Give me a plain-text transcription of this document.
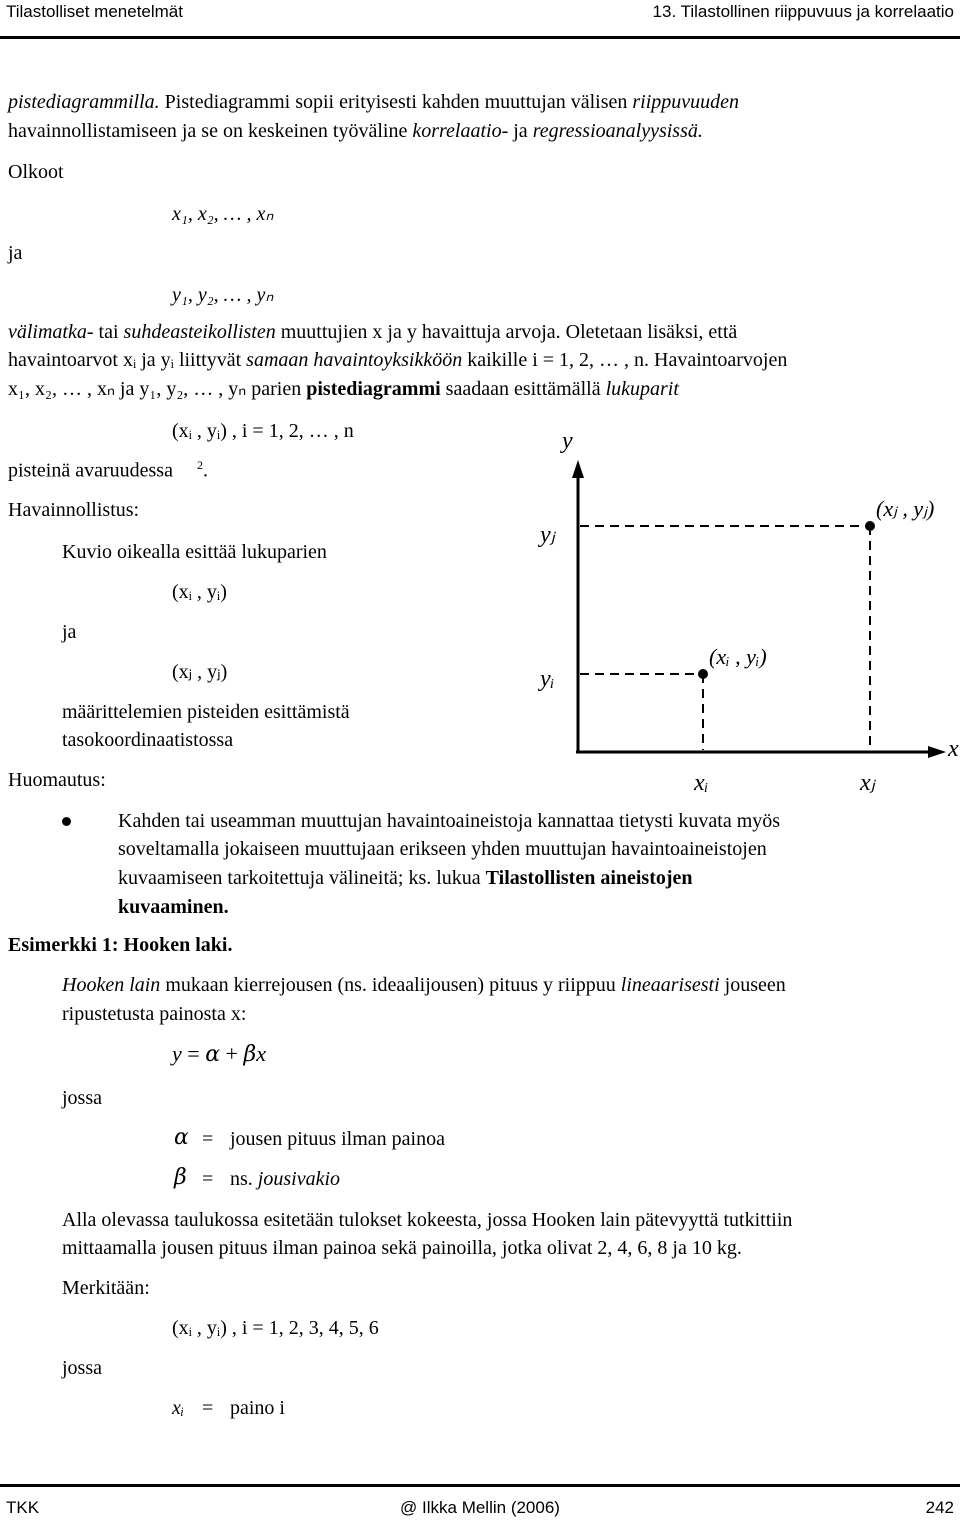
Tilastolliset menetelmät	13. Tilastollinen riippuvuus ja korrelaatio
pistediagrammilla. Pistediagrammi sopii erityisesti kahden muuttujan välisen riippuvuuden
havainnollistamiseen ja se on keskeinen työväline korrelaatio- ja regressioanalyysissä.
Olkoot
x₁, x₂, … , xₙ
ja
y₁, y₂, … , yₙ
välimatka- tai suhdeasteikollisten muuttujien x ja y havaittuja arvoja. Oletetaan lisäksi, että
havaintoarvot xᵢ ja yᵢ liittyvät samaan havaintoyksikköön kaikille i = 1, 2, … , n. Havaintoarvojen
x₁, x₂, … , xₙ ja y₁, y₂, … , yₙ parien pistediagrammi saadaan esittämällä lukuparit
(xᵢ , yᵢ) , i = 1, 2, … , n
pisteinä avaruudessa $^2$.
Havainnollistus:
Kuvio oikealla esittää lukuparien
(xᵢ , yᵢ)
ja
(xⱼ , yⱼ)
määrittelemien pisteiden esittämistä
tasokoordinaatistossa
y
x
(xⱼ , yⱼ)
(xᵢ , yᵢ)
yⱼ
yᵢ
xᵢ	xⱼ
Huomautus:
Kahden tai useamman muuttujan havaintoaineistoja kannattaa tietysti kuvata myös
soveltamalla jokaiseen muuttujaan erikseen yhden muuttujan havaintoaineistojen
kuvaamiseen tarkoitettuja välineitä; ks. lukua Tilastollisten aineistojen
kuvaaminen.
Esimerkki 1: Hooken laki.
Hooken lain mukaan kierrejousen (ns. ideaalijousen) pituus y riippuu lineaarisesti jouseen
ripustetusta painosta x:
y = α + βx
jossa
α = jousen pituus ilman painoa
β = ns. jousivakio
Alla olevassa taulukossa esitetään tulokset kokeesta, jossa Hooken lain pätevyyttä tutkittiin
mittaamalla jousen pituus ilman painoa sekä painoilla, jotka olivat 2, 4, 6, 8 ja 10 kg.
Merkitään:
(xᵢ , yᵢ) , i = 1, 2, 3, 4, 5, 6
jossa
xᵢ = paino i
TKK	@ Ilkka Mellin (2006)	242
